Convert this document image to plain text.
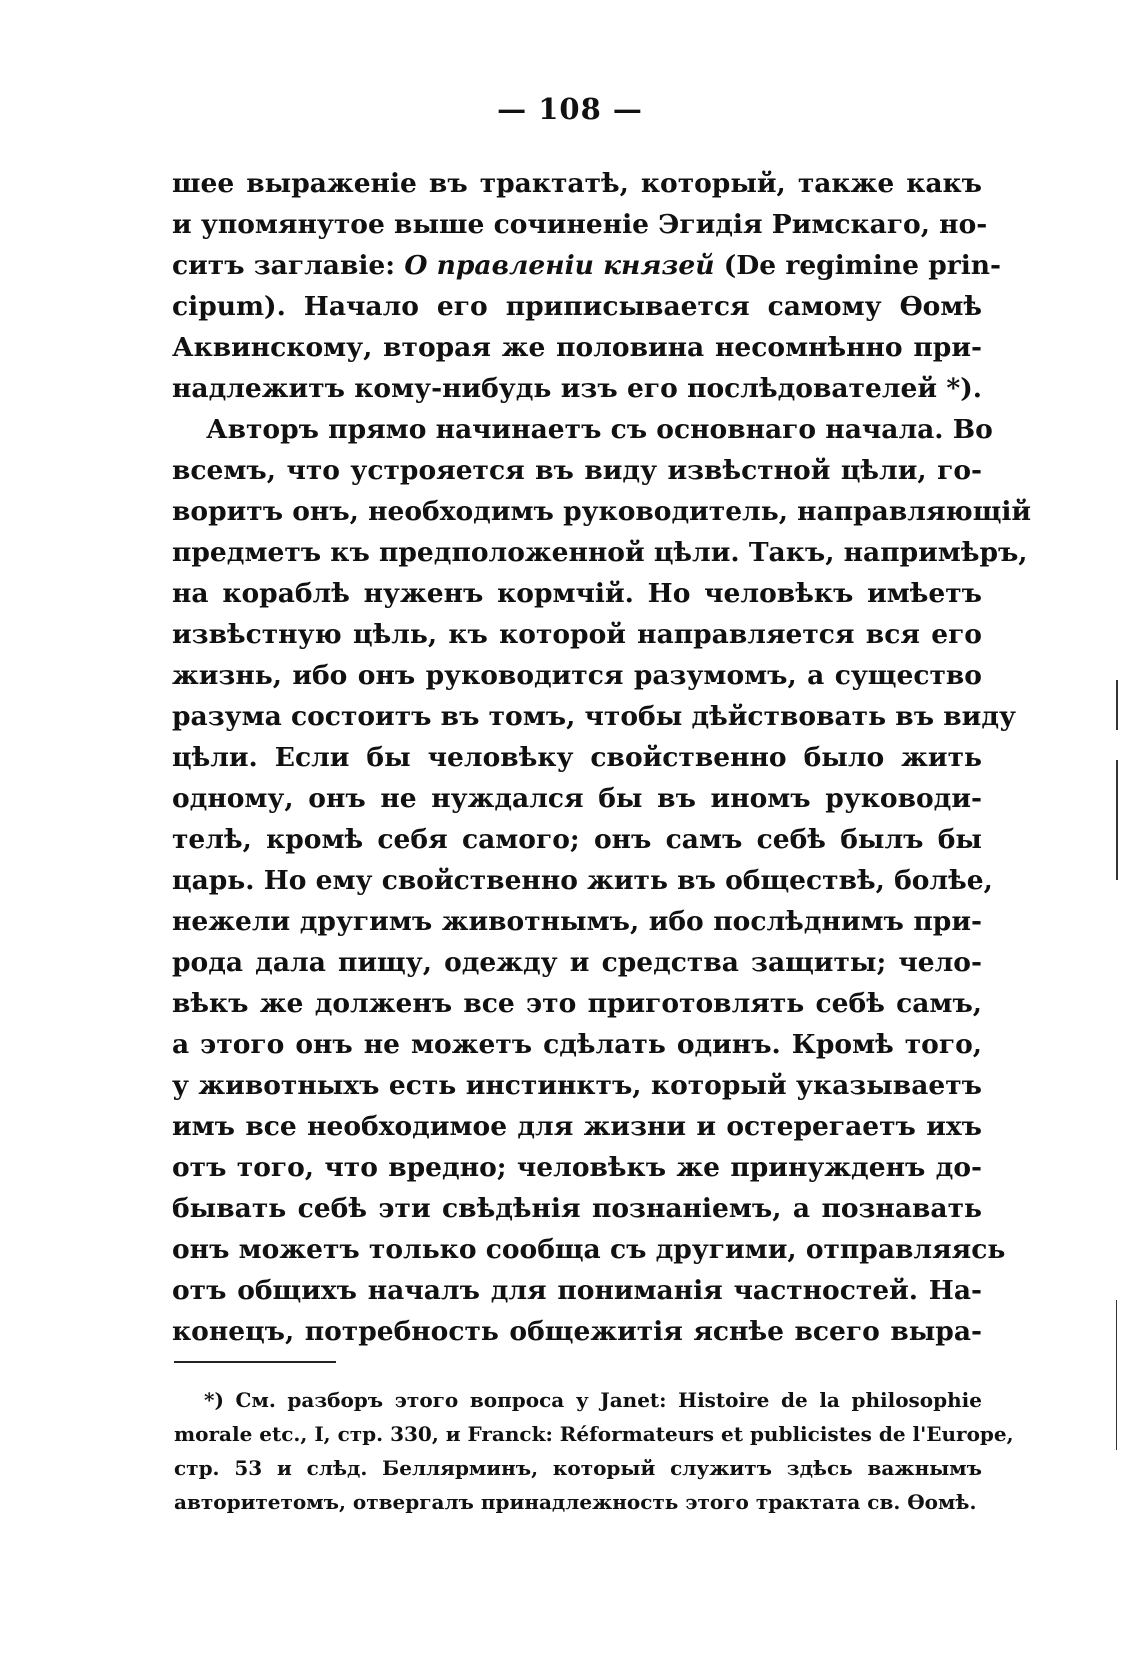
— 108 —
шее выраженіе въ трактатѣ, который, также какъ
и упомянутое выше сочиненіе Эгидія Римскаго, но-
ситъ заглавіе: О правленіи князей (De regimine prin-
cipum). Начало его приписывается самому Ѳомѣ
Аквинскому, вторая же половина несомнѣнно при-
надлежитъ кому-нибудь изъ его послѣдователей *).
Авторъ прямо начинаетъ съ основнаго начала. Во
всемъ, что устрояется въ виду извѣстной цѣли, го-
воритъ онъ, необходимъ руководитель, направляющій
предметъ къ предположенной цѣли. Такъ, напримѣръ,
на кораблѣ нуженъ кормчій. Но человѣкъ имѣетъ
извѣстную цѣль, къ которой направляется вся его
жизнь, ибо онъ руководится разумомъ, а существо
разума состоитъ въ томъ, чтобы дѣйствовать въ виду
цѣли. Если бы человѣку свойственно было жить
одному, онъ не нуждался бы въ иномъ руководи-
телѣ, кромѣ себя самого; онъ самъ себѣ былъ бы
царь. Но ему свойственно жить въ обществѣ, болѣе,
нежели другимъ животнымъ, ибо послѣднимъ при-
рода дала пищу, одежду и средства защиты; чело-
вѣкъ же долженъ все это приготовлять себѣ самъ,
а этого онъ не можетъ сдѣлать одинъ. Кромѣ того,
у животныхъ есть инстинктъ, который указываетъ
имъ все необходимое для жизни и остерегаетъ ихъ
отъ того, что вредно; человѣкъ же принужденъ до-
бывать себѣ эти свѣдѣнія познаніемъ, а познавать
онъ можетъ только сообща съ другими, отправляясь
отъ общихъ началъ для пониманія частностей. На-
конецъ, потребность общежитія яснѣе всего выра-
*) См. разборъ этого вопроса у Janet: Histoire de la philosophie
morale etc., I, стр. 330, и Franck: Réformateurs et publicistes de l'Europe,
стр. 53 и слѣд. Беллярминъ, который служитъ здѣсь важнымъ
авторитетомъ, отвергалъ принадлежность этого трактата св. Ѳомѣ.
